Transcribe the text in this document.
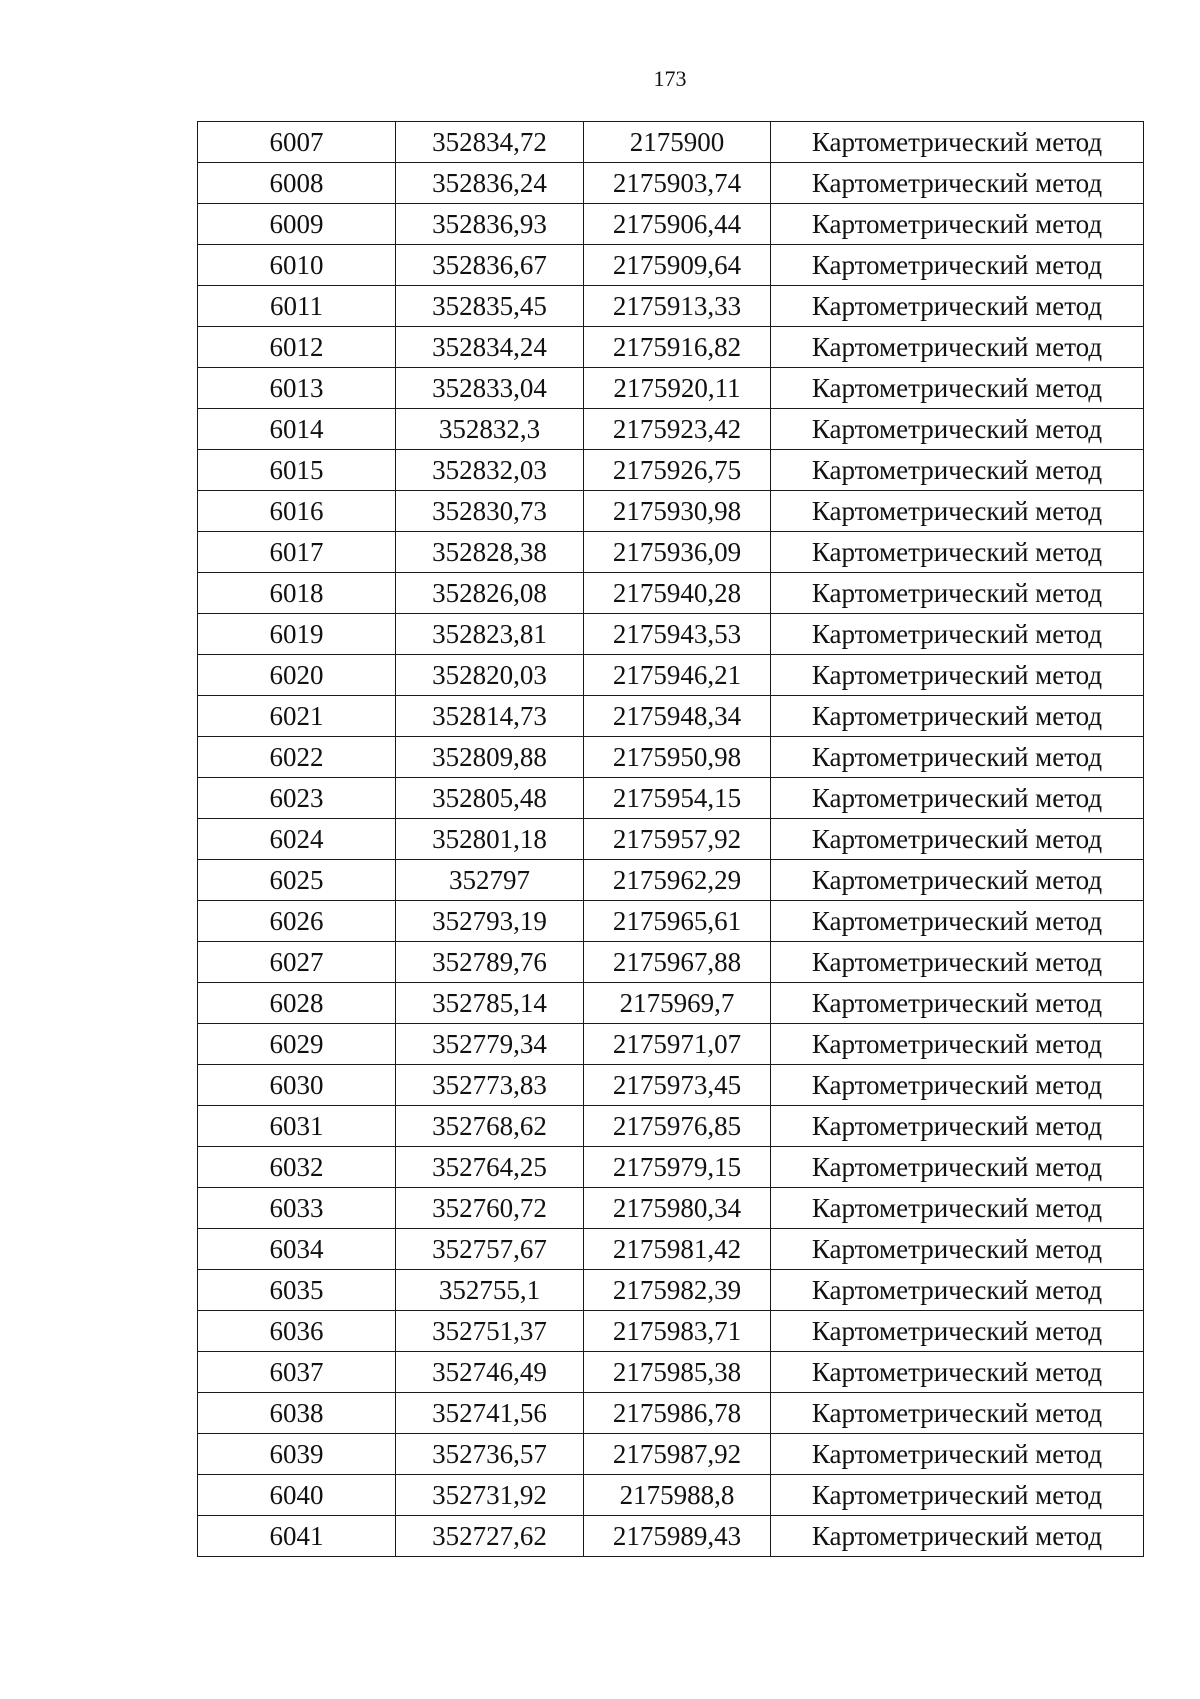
173
6007	352834,72	2175900	Картометрический метод
6008	352836,24	2175903,74	Картометрический метод
6009	352836,93	2175906,44	Картометрический метод
6010	352836,67	2175909,64	Картометрический метод
6011	352835,45	2175913,33	Картометрический метод
6012	352834,24	2175916,82	Картометрический метод
6013	352833,04	2175920,11	Картометрический метод
6014	352832,3	2175923,42	Картометрический метод
6015	352832,03	2175926,75	Картометрический метод
6016	352830,73	2175930,98	Картометрический метод
6017	352828,38	2175936,09	Картометрический метод
6018	352826,08	2175940,28	Картометрический метод
6019	352823,81	2175943,53	Картометрический метод
6020	352820,03	2175946,21	Картометрический метод
6021	352814,73	2175948,34	Картометрический метод
6022	352809,88	2175950,98	Картометрический метод
6023	352805,48	2175954,15	Картометрический метод
6024	352801,18	2175957,92	Картометрический метод
6025	352797	2175962,29	Картометрический метод
6026	352793,19	2175965,61	Картометрический метод
6027	352789,76	2175967,88	Картометрический метод
6028	352785,14	2175969,7	Картометрический метод
6029	352779,34	2175971,07	Картометрический метод
6030	352773,83	2175973,45	Картометрический метод
6031	352768,62	2175976,85	Картометрический метод
6032	352764,25	2175979,15	Картометрический метод
6033	352760,72	2175980,34	Картометрический метод
6034	352757,67	2175981,42	Картометрический метод
6035	352755,1	2175982,39	Картометрический метод
6036	352751,37	2175983,71	Картометрический метод
6037	352746,49	2175985,38	Картометрический метод
6038	352741,56	2175986,78	Картометрический метод
6039	352736,57	2175987,92	Картометрический метод
6040	352731,92	2175988,8	Картометрический метод
6041	352727,62	2175989,43	Картометрический метод
